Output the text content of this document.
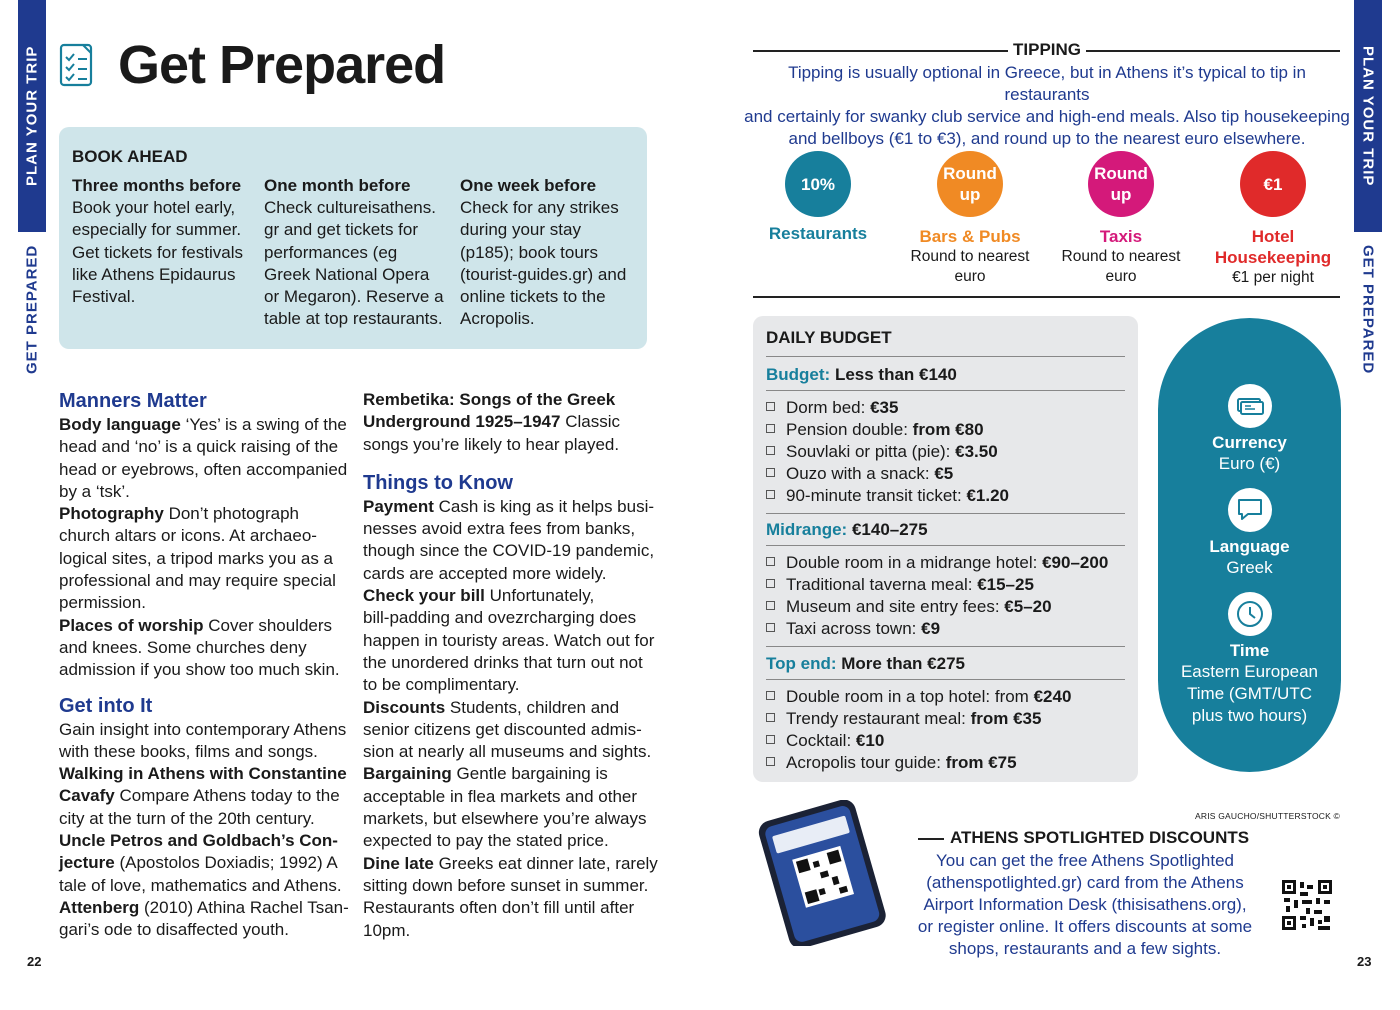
PLAN YOUR TRIP
GET PREPARED
PLAN YOUR TRIP
GET PREPARED
Get Prepared
BOOK AHEAD
Three months before
Book your hotel early,
especially for summer.
Get tickets for festivals
like Athens Epidaurus
Festival.
One month before
Check cultureisathens.
gr and get tickets for
performances (eg
Greek National Opera
or Megaron). Reserve a
table at top restaurants.
One week before
Check for any strikes
during your stay
(p185); book tours
(tourist-guides.gr) and
online tickets to the
Acropolis.
Manners Matter
Body language ‘Yes’ is a swing of the
head and ‘no’ is a quick raising of the
head or eyebrows, often accompanied
by a ‘tsk’.
Photography Don’t photograph
church altars or icons. At archaeo-
logical sites, a tripod marks you as a
professional and may require special
permission.
Places of worship Cover shoulders
and knees. Some churches deny
admission if you show too much skin.
Get into It
Gain insight into contemporary Athens
with these books, films and songs.
Walking in Athens with Constantine
Cavafy Compare Athens today to the
city at the turn of the 20th century.
Uncle Petros and Goldbach’s Con-
jecture (Apostolos Doxiadis; 1992) A
tale of love, mathematics and Athens.
Attenberg (2010) Athina Rachel Tsan-
gari’s ode to disaffected youth.
Rembetika: Songs of the Greek
Underground 1925–1947 Classic
songs you’re likely to hear played.
Things to Know
Payment Cash is king as it helps busi-
nesses avoid extra fees from banks,
though since the COVID-19 pandemic,
cards are accepted more widely.
Check your bill Unfortunately,
bill-padding and ovezrcharging does
happen in touristy areas. Watch out for
the unordered drinks that turn out not
to be complimentary.
Discounts Students, children and
senior citizens get discounted admis-
sion at nearly all museums and sights.
Bargaining Gentle bargaining is
acceptable in flea markets and other
markets, but elsewhere you’re always
expected to pay the stated price.
Dine late Greeks eat dinner late, rarely
sitting down before sunset in summer.
Restaurants often don’t fill until after
10pm.
22	23
TIPPING
Tipping is usually optional in Greece, but in Athens it’s typical to tip in restaurants
and certainly for swanky club service and high-end meals. Also tip housekeeping
and bellboys (€1 to €3), and round up to the nearest euro elsewhere.
10%
Restaurants
Round
up
Bars & Pubs
Round to nearest
euro
Round
up
Taxis
Round to nearest
euro
€1
Hotel
Housekeeping
€1 per night
DAILY BUDGET
Budget: Less than €140
Dorm bed: €35
Pension double: from €80
Souvlaki or pitta (pie): €3.50
Ouzo with a snack: €5
90-minute transit ticket: €1.20
Midrange: €140–275
Double room in a midrange hotel: €90–200
Traditional taverna meal: €15–25
Museum and site entry fees: €5–20
Taxi across town: €9
Top end: More than €275
Double room in a top hotel: from €240
Trendy restaurant meal: from €35
Cocktail: €10
Acropolis tour guide: from €75
Currency
Euro (€)
Language
Greek
Time
Eastern European
Time (GMT/UTC
plus two hours)
ARIS GAUCHO/SHUTTERSTOCK ©
ATHENS SPOTLIGHTED DISCOUNTS
You can get the free Athens Spotlighted
(athenspotlighted.gr) card from the Athens
Airport Information Desk (thisisathens.org),
or register online. It offers discounts at some
shops, restaurants and a few sights.
